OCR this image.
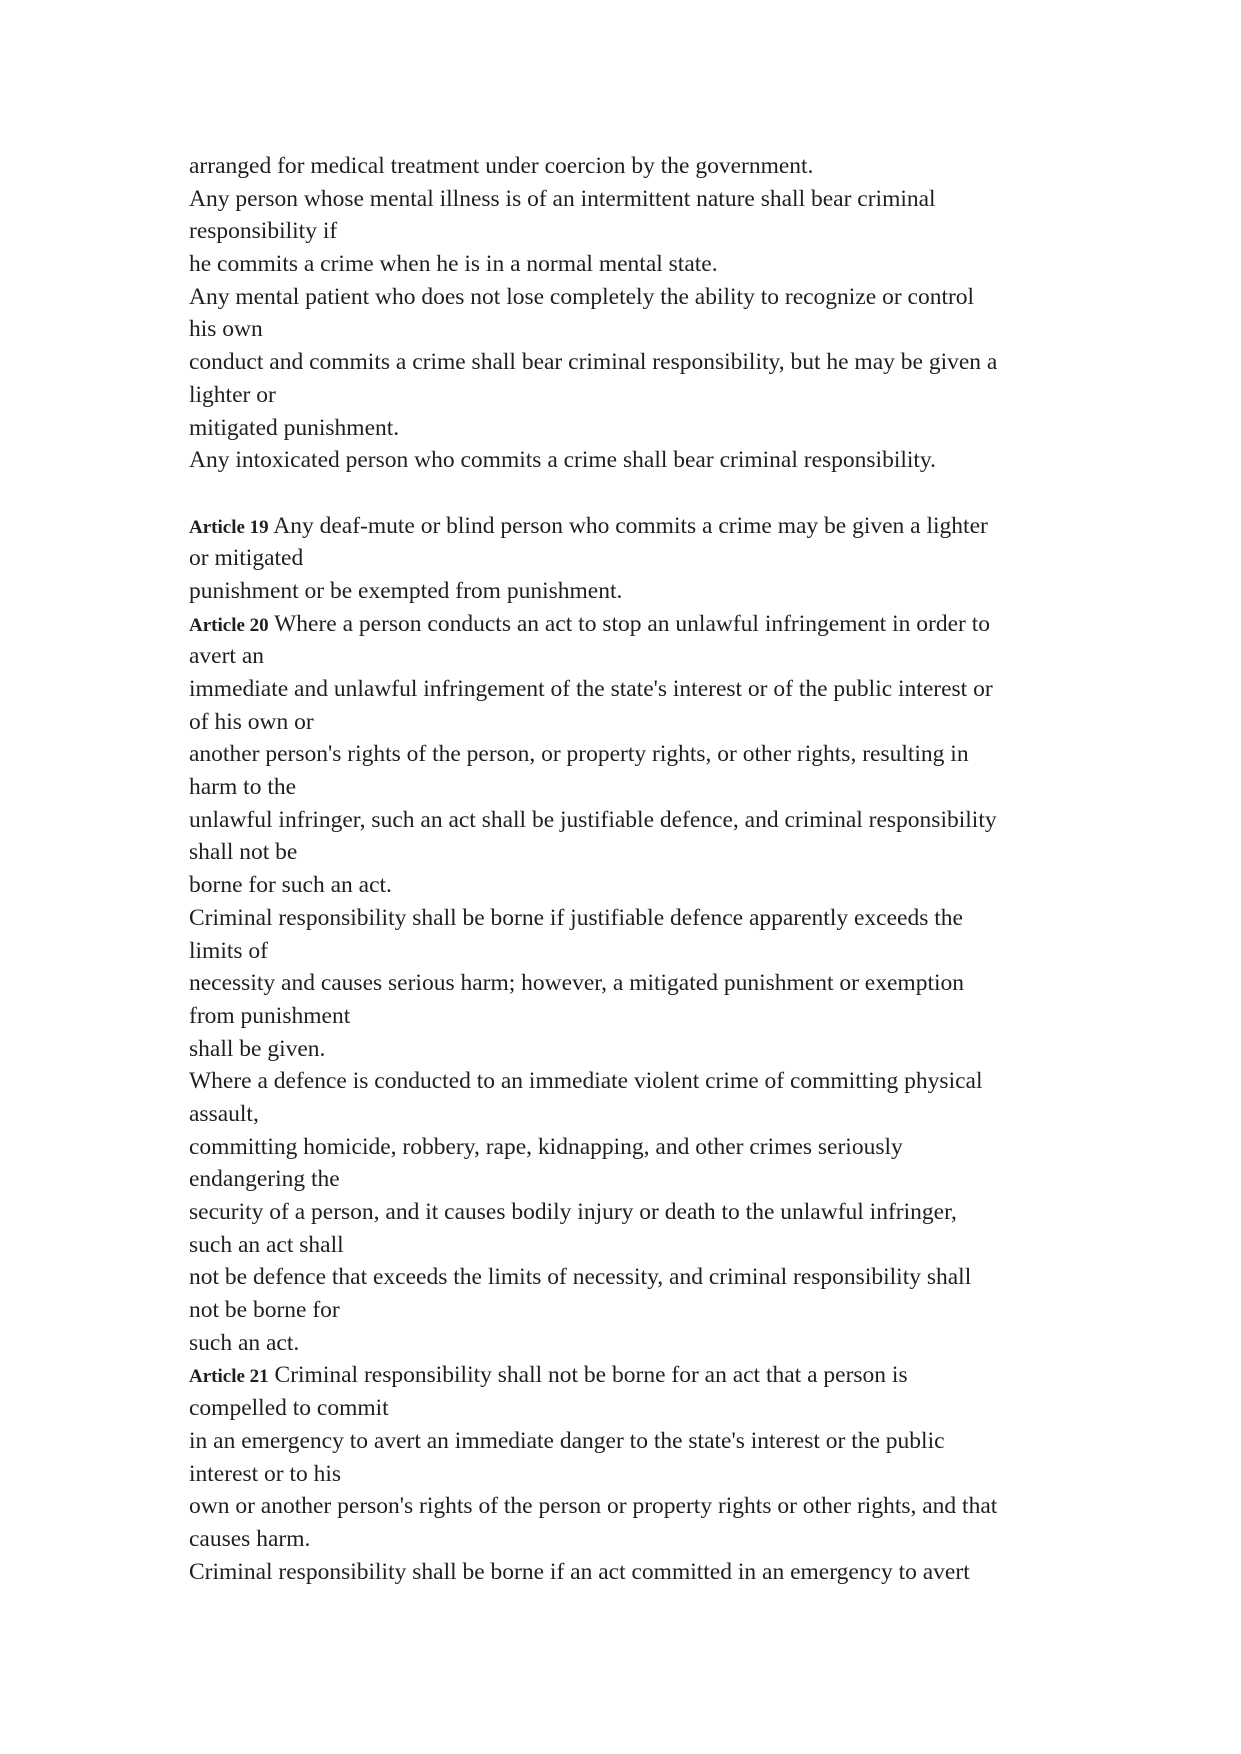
arranged for medical treatment under coercion by the government.
Any person whose mental illness is of an intermittent nature shall bear criminal
responsibility if
he commits a crime when he is in a normal mental state.
Any mental patient who does not lose completely the ability to recognize or control
his own
conduct and commits a crime shall bear criminal responsibility, but he may be given a
lighter or
mitigated punishment.
Any intoxicated person who commits a crime shall bear criminal responsibility.
Article 19 Any deaf-mute or blind person who commits a crime may be given a lighter
or mitigated
punishment or be exempted from punishment.
Article 20 Where a person conducts an act to stop an unlawful infringement in order to
avert an
immediate and unlawful infringement of the state's interest or of the public interest or
of his own or
another person's rights of the person, or property rights, or other rights, resulting in
harm to the
unlawful infringer, such an act shall be justifiable defence, and criminal responsibility
shall not be
borne for such an act.
Criminal responsibility shall be borne if justifiable defence apparently exceeds the
limits of
necessity and causes serious harm; however, a mitigated punishment or exemption
from punishment
shall be given.
Where a defence is conducted to an immediate violent crime of committing physical
assault,
committing homicide, robbery, rape, kidnapping, and other crimes seriously
endangering the
security of a person, and it causes bodily injury or death to the unlawful infringer,
such an act shall
not be defence that exceeds the limits of necessity, and criminal responsibility shall
not be borne for
such an act.
Article 21 Criminal responsibility shall not be borne for an act that a person is
compelled to commit
in an emergency to avert an immediate danger to the state's interest or the public
interest or to his
own or another person's rights of the person or property rights or other rights, and that
causes harm.
Criminal responsibility shall be borne if an act committed in an emergency to avert
